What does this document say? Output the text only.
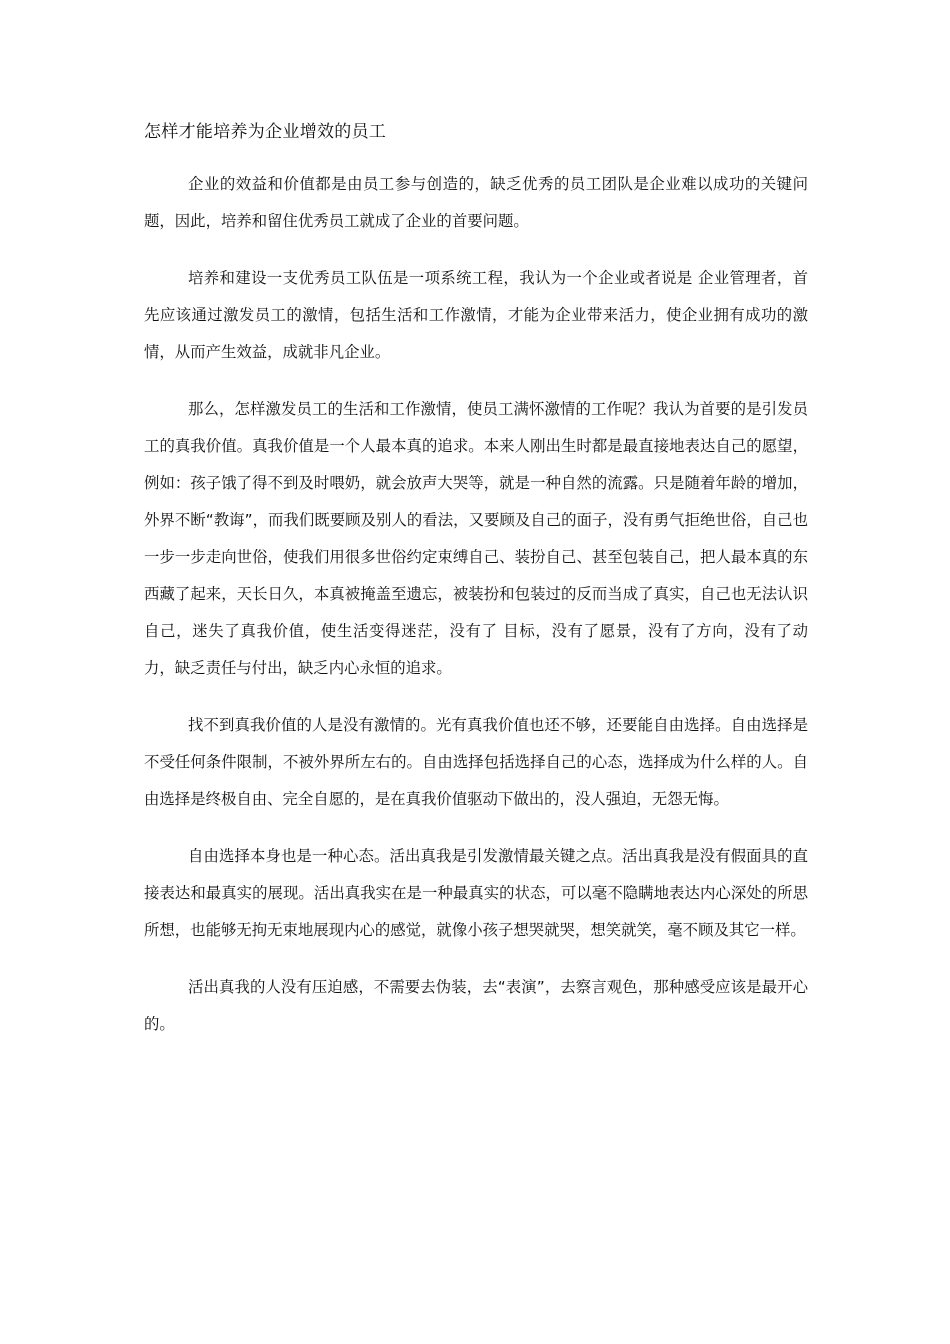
怎样才能培养为企业增效的员工

企业的效益和价值都是由员工参与创造的，缺乏优秀的员工团队是企业难以成功的关键问题，因此，培养和留住优秀员工就成了企业的首要问题。

培养和建设一支优秀员工队伍是一项系统工程，我认为一个企业或者说是 企业管理者，首先应该通过激发员工的激情，包括生活和工作激情，才能为企业带来活力，使企业拥有成功的激情，从而产生效益，成就非凡企业。

那么，怎样激发员工的生活和工作激情，使员工满怀激情的工作呢？我认为首要的是引发员工的真我价值。真我价值是一个人最本真的追求。本来人刚出生时都是最直接地表达自己的愿望，例如：孩子饿了得不到及时喂奶，就会放声大哭等，就是一种自然的流露。只是随着年龄的增加，外界不断“教诲”，而我们既要顾及别人的看法，又要顾及自己的面子，没有勇气拒绝世俗，自己也一步一步走向世俗，使我们用很多世俗约定束缚自己、装扮自己、甚至包装自己，把人最本真的东西藏了起来，天长日久，本真被掩盖至遗忘，被装扮和包装过的反而当成了真实，自己也无法认识自己，迷失了真我价值，使生活变得迷茫，没有了 目标，没有了愿景，没有了方向，没有了动力，缺乏责任与付出，缺乏内心永恒的追求。

找不到真我价值的人是没有激情的。光有真我价值也还不够，还要能自由选择。自由选择是不受任何条件限制，不被外界所左右的。自由选择包括选择自己的心态，选择成为什么样的人。自由选择是终极自由、完全自愿的，是在真我价值驱动下做出的，没人强迫，无怨无悔。

自由选择本身也是一种心态。活出真我是引发激情最关键之点。活出真我是没有假面具的直接表达和最真实的展现。活出真我实在是一种最真实的状态，可以毫不隐瞒地表达内心深处的所思所想，也能够无拘无束地展现内心的感觉，就像小孩子想哭就哭，想笑就笑，毫不顾及其它一样。

活出真我的人没有压迫感，不需要去伪装，去“表演”，去察言观色，那种感受应该是最开心的。
